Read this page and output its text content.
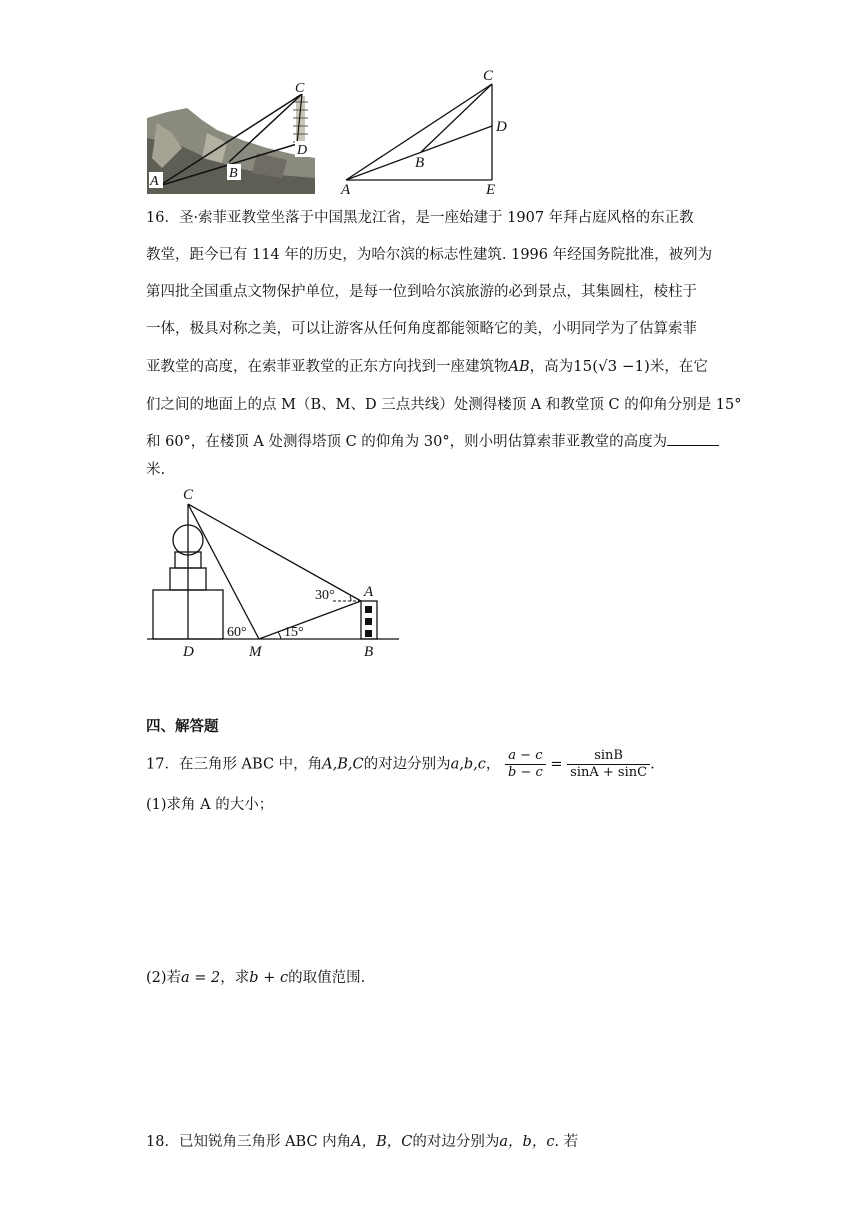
C
D
B
A
C
D
B
A	E
16．圣·索菲亚教堂坐落于中国黑龙江省，是一座始建于 1907 年拜占庭风格的东正教
教堂，距今已有 114 年的历史，为哈尔滨的标志性建筑. 1996 年经国务院批准，被列为
第四批全国重点文物保护单位，是每一位到哈尔滨旅游的必到景点，其集圆柱，棱柱于
一体，极具对称之美，可以让游客从任何角度都能领略它的美，小明同学为了估算索菲
亚教堂的高度，在索菲亚教堂的正东方向找到一座建筑物AB，高为15(√3 −1)米，在它
们之间的地面上的点 M（B、M、D 三点共线）处测得楼顶 A 和教堂顶 C 的仰角分别是 15°
和 60°，在楼顶 A 处测得塔顶 C 的仰角为 30°，则小明估算索菲亚教堂的高度为
米.
C
A
D	M	B
30°
60°	15°
四、解答题
17．在三角形 ABC 中，角A,B,C的对边分别为a,b,c， $\frac{a - c}{b - c} = \frac{\sin B}{\sin A + \sin C}$ .
(1)求角 A 的大小；
(2)若a = 2，求b + c的取值范围.
18．已知锐角三角形 ABC 内角A，B，C的对边分别为a，b，c. 若
